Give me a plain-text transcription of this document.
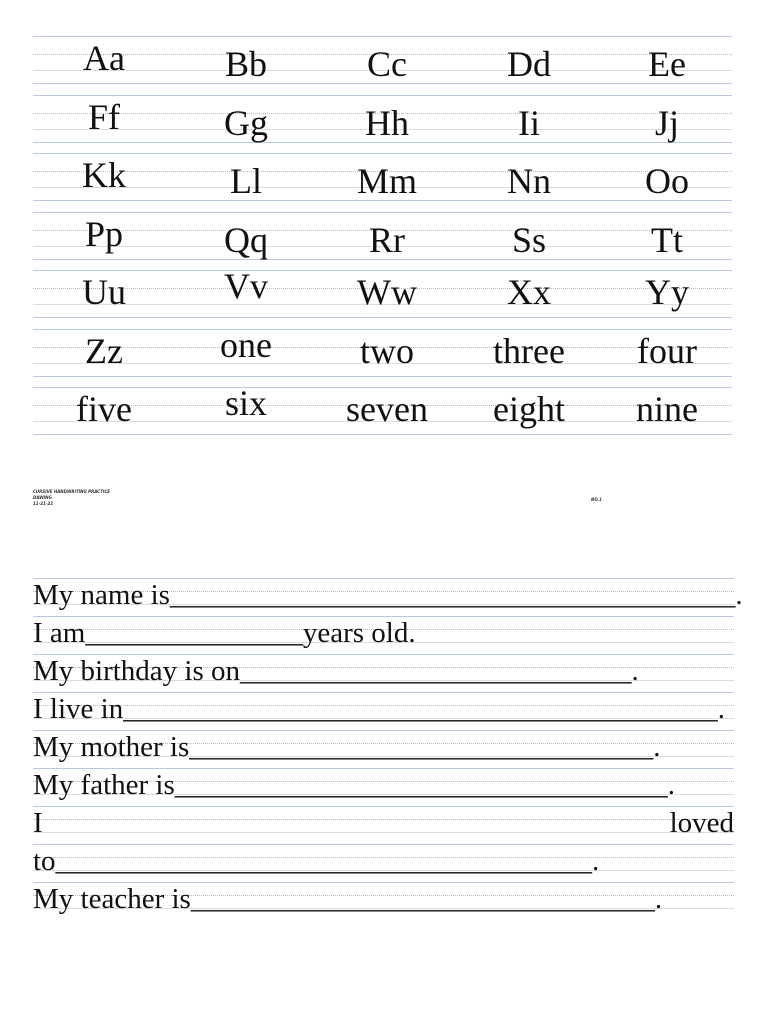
Aa	Bb	Cc	Dd	Ee
Ff	Gg	Hh	Ii	Jj
Kk	Ll	Mm	Nn	Oo
Pp	Qq	Rr	Ss	Tt
Uu	Vv	Ww	Xx	Yy
Zz	one	two	three	four
five	six	seven	eight	nine
CURSIVE HANDWRITING PRACTICE
DAWING
11-21-22
NO.1
My name is_______________________________________.
I am_______________years old.
My birthday is on___________________________.
I live in_________________________________________.
My mother is________________________________.
My father is__________________________________.
I	loved
to_____________________________________.
My teacher is________________________________.
